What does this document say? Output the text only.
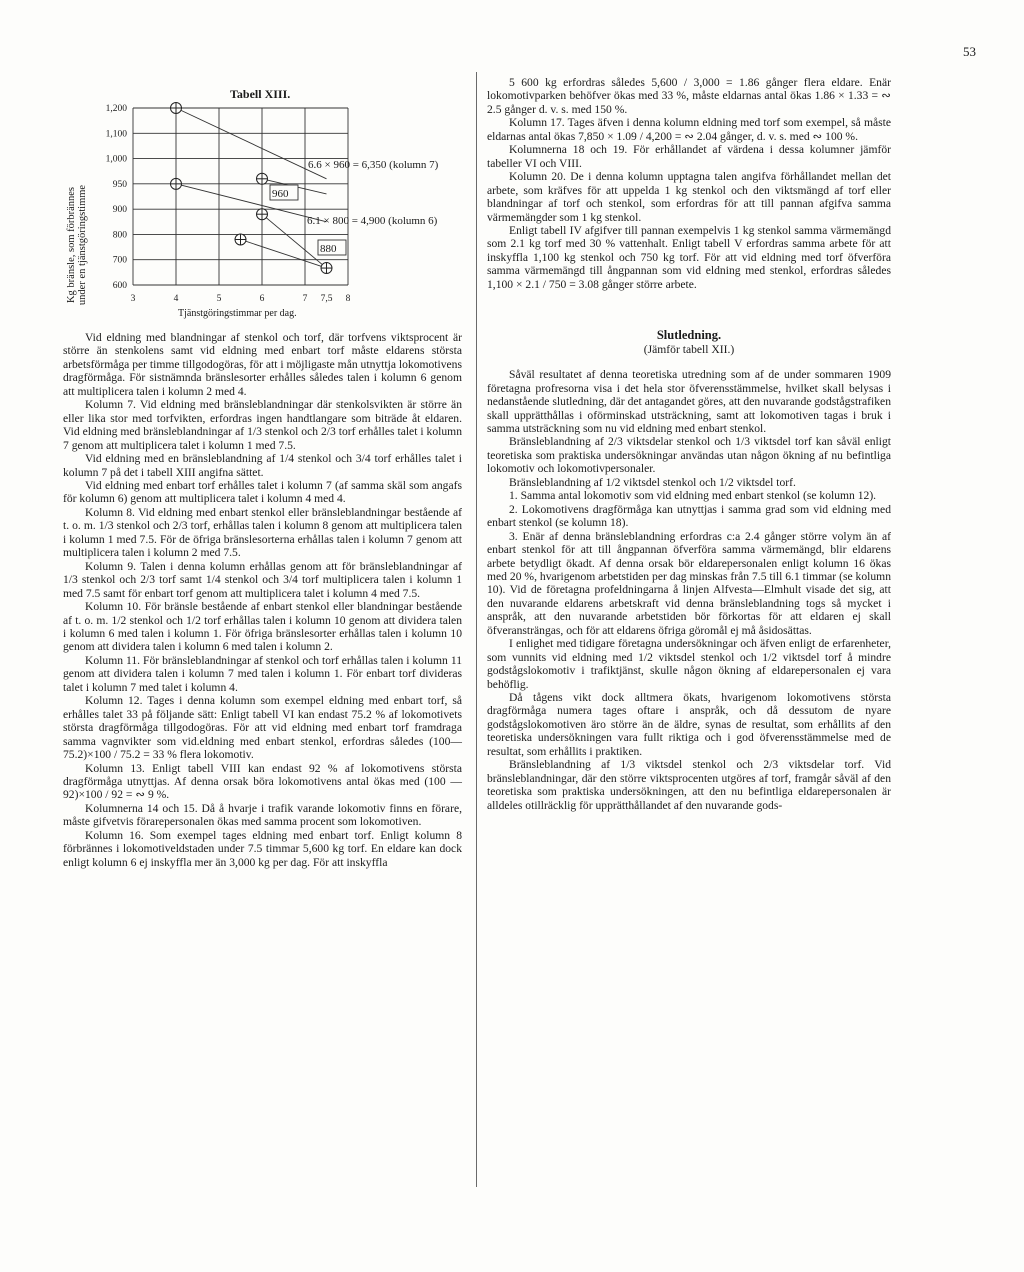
53
Tabell XIII.
Kg bränsle, som förbrännes under en tjänstgöringstimme
1,200
1,100
1,000
950
900
800
700
600
3	4	5	6	7 7,5 8
960
880
6.6 × 960 = 6,350 (kolumn 7)
6.1 × 800 = 4,900 (kolumn 6)
Tjänstgöringstimmar per dag.

Vid eldning med blandningar af stenkol och torf, där torfvens viktsprocent är större än stenkolens samt vid eldning med enbart torf måste eldarens största arbetsförmåga per timme tillgodogöras, för att i möjligaste mån utnyttja lokomotivens dragförmåga. För sistnämnda bränslesorter erhålles således talen i kolumn 6 genom att multiplicera talen i kolumn 2 med 4.

Kolumn 7. Vid eldning med bränsleblandningar där stenkolsvikten är större än eller lika stor med torfvikten, erfordras ingen handtlangare som biträde åt eldaren. Vid eldning med bränsleblandningar af 1/3 stenkol och 2/3 torf erhålles talet i kolumn 7 genom att multiplicera talet i kolumn 1 med 7.5.

Vid eldning med en bränsleblandning af 1/4 stenkol och 3/4 torf erhålles talet i kolumn 7 på det i tabell XIII angifna sättet.

Vid eldning med enbart torf erhålles talet i kolumn 7 (af samma skäl som angafs för kolumn 6) genom att multiplicera talet i kolumn 4 med 4.

Kolumn 8. Vid eldning med enbart stenkol eller bränsleblandningar bestående af t. o. m. 1/3 stenkol och 2/3 torf, erhållas talen i kolumn 8 genom att multiplicera talen i kolumn 1 med 7.5. För de öfriga bränslesorterna erhållas talen i kolumn 7 genom att multiplicera talen i kolumn 2 med 7.5.

Kolumn 9. Talen i denna kolumn erhållas genom att för bränsleblandningar af 1/3 stenkol och 2/3 torf samt 1/4 stenkol och 3/4 torf multiplicera talen i kolumn 1 med 7.5 samt för enbart torf genom att multiplicera talet i kolumn 4 med 7.5.

Kolumn 10. För bränsle bestående af enbart stenkol eller blandningar bestående af t. o. m. 1/2 stenkol och 1/2 torf erhållas talen i kolumn 10 genom att dividera talen i kolumn 6 med talen i kolumn 1. För öfriga bränslesorter erhållas talen i kolumn 10 genom att dividera talen i kolumn 6 med talen i kolumn 2.

Kolumn 11. För bränsleblandningar af stenkol och torf erhållas talen i kolumn 11 genom att dividera talen i kolumn 7 med talen i kolumn 1. För enbart torf divideras talet i kolumn 7 med talet i kolumn 4.

Kolumn 12. Tages i denna kolumn som exempel eldning med enbart torf, så erhålles talet 33 på följande sätt: Enligt tabell VI kan endast 75.2 % af lokomotivets största dragförmåga tillgodogöras. För att vid eldning med enbart torf framdraga samma vagnvikter som vid.eldning med enbart stenkol, erfordras således (100—75.2)×100 / 75.2 = 33 % flera lokomotiv.

Kolumn 13. Enligt tabell VIII kan endast 92 % af lokomotivens största dragförmåga utnyttjas. Af denna orsak böra lokomotivens antal ökas med (100 — 92)×100 / 92 = ∾ 9 %.

Kolumnerna 14 och 15. Då å hvarje i trafik varande lokomotiv finns en förare, måste gifvetvis förarepersonalen ökas med samma procent som lokomotiven.

Kolumn 16. Som exempel tages eldning med enbart torf. Enligt kolumn 8 förbrännes i lokomotiveldstaden under 7.5 timmar 5,600 kg torf. En eldare kan dock enligt kolumn 6 ej inskyffla mer än 3,000 kg per dag. För att inskyffla

5 600 kg erfordras således 5,600 / 3,000 = 1.86 gånger flera eldare. Enär lokomotivparken behöfver ökas med 33 %, måste eldarnas antal ökas 1.86 × 1.33 = ∾ 2.5 gånger d. v. s. med 150 %.

Kolumn 17. Tages äfven i denna kolumn eldning med torf som exempel, så måste eldarnas antal ökas 7,850 × 1.09 / 4,200 = ∾ 2.04 gånger, d. v. s. med ∾ 100 %.

Kolumnerna 18 och 19. För erhållandet af värdena i dessa kolumner jämför tabeller VI och VIII.

Kolumn 20. De i denna kolumn upptagna talen angifva förhållandet mellan det arbete, som kräfves för att uppelda 1 kg stenkol och den viktsmängd af torf eller blandningar af torf och stenkol, som erfordras för att till pannan afgifva samma värmemängder som 1 kg stenkol.

Enligt tabell IV afgifver till pannan exempelvis 1 kg stenkol samma värmemängd som 2.1 kg torf med 30 % vattenhalt. Enligt tabell V erfordras samma arbete för att inskyffla 1,100 kg stenkol och 750 kg torf. För att vid eldning med torf öfverföra samma värmemängd till ångpannan som vid eldning med stenkol, erfordras således 1,100 × 2.1 / 750 = 3.08 gånger större arbete.

Slutledning.

(Jämför tabell XII.)

Såväl resultatet af denna teoretiska utredning som af de under sommaren 1909 företagna profresorna visa i det hela stor öfverensstämmelse, hvilket skall belysas i nedanstående slutledning, där det antagandet göres, att den nuvarande godstågstrafiken skall upprätthållas i oförminskad utsträckning, samt att lokomotiven tagas i bruk i samma utsträckning som nu vid eldning med enbart stenkol.

Bränsleblandning af 2/3 viktsdelar stenkol och 1/3 viktsdel torf kan såväl enligt teoretiska som praktiska undersökningar användas utan någon ökning af nu befintliga lokomotiv och lokomotivpersonaler.

Bränsleblandning af 1/2 viktsdel stenkol och 1/2 viktsdel torf.

1. Samma antal lokomotiv som vid eldning med enbart stenkol (se kolumn 12).

2. Lokomotivens dragförmåga kan utnyttjas i samma grad som vid eldning med enbart stenkol (se kolumn 18).

3. Enär af denna bränsleblandning erfordras c:a 2.4 gånger större volym än af enbart stenkol för att till ångpannan öfverföra samma värmemängd, blir eldarens arbete betydligt ökadt. Af denna orsak bör eldarepersonalen enligt kolumn 16 ökas med 20 %, hvarigenom arbetstiden per dag minskas från 7.5 till 6.1 timmar (se kolumn 10). Vid de företagna profeldningarna å linjen Alfvesta—Elmhult visade det sig, att den nuvarande eldarens arbetskraft vid denna bränsleblandning togs så mycket i anspråk, att den nuvarande arbetstiden bör förkortas för att eldaren ej skall öfveransträngas, och för att eldarens öfriga göromål ej må åsidosättas.

I enlighet med tidigare företagna undersökningar och äfven enligt de erfarenheter, som vunnits vid eldning med 1/2 viktsdel stenkol och 1/2 viktsdel torf å mindre godstågslokomotiv i trafiktjänst, skulle någon ökning af eldarepersonalen ej vara behöflig.

Då tågens vikt dock alltmera ökats, hvarigenom lokomotivens största dragförmåga numera tages oftare i anspråk, och då dessutom de nyare godstågslokomotiven äro större än de äldre, synas de resultat, som erhållits af den teoretiska undersökningen vara fullt riktiga och i god öfverensstämmelse med de resultat, som erhållits i praktiken.

Bränsleblandning af 1/3 viktsdel stenkol och 2/3 viktsdelar torf. Vid bränsleblandningar, där den större viktsprocenten utgöres af torf, framgår såväl af den teoretiska som praktiska undersökningen, att den nu befintliga eldarepersonalen är alldeles otillräcklig för upprätthållandet af den nuvarande gods-
